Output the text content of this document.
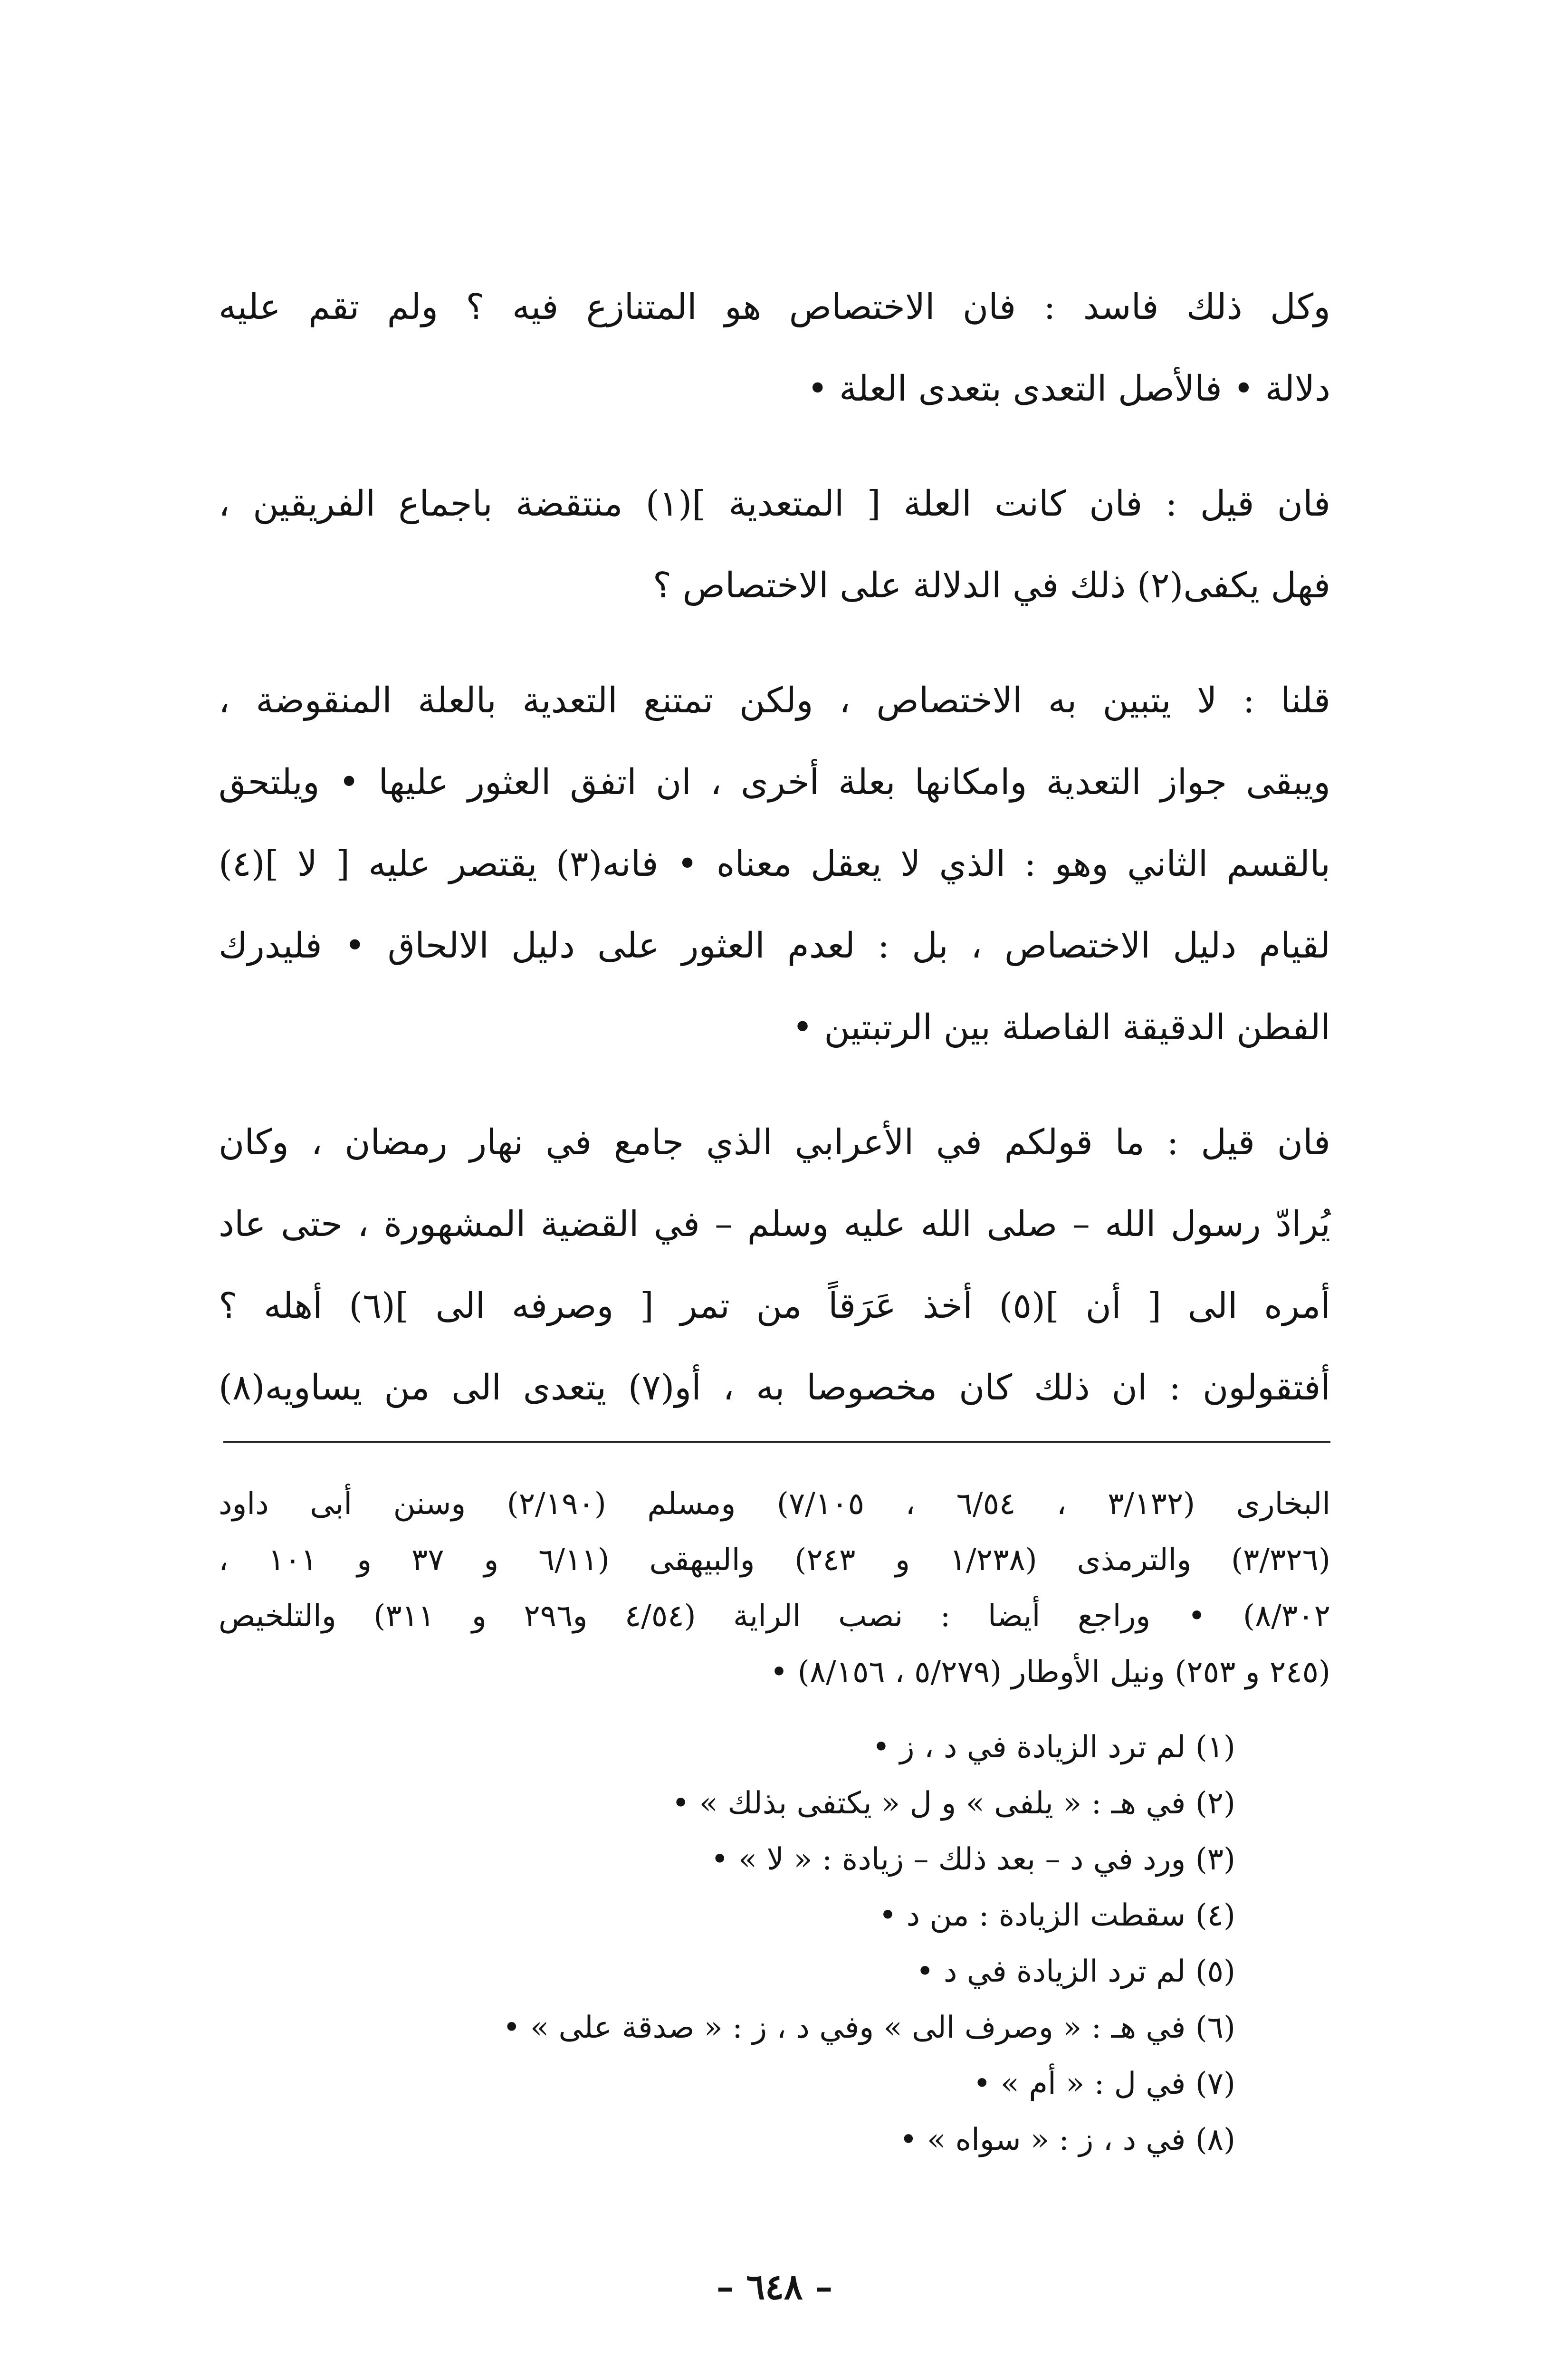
وكل ذلك فاسد : فان الاختصاص هو المتنازع فيه ؟ ولم تقم عليه
دلالة • فالأصل التعدى بتعدى العلة •
فان قيل : فان كانت العلة [ المتعدية ](١) منتقضة باجماع الفريقين ،
فهل يكفى(٢) ذلك في الدلالة على الاختصاص ؟
قلنا : لا يتبين به الاختصاص ، ولكن تمتنع التعدية بالعلة المنقوضة ،
ويبقى جواز التعدية وامكانها بعلة أخرى ، ان اتفق العثور عليها • ويلتحق
بالقسم الثاني وهو : الذي لا يعقل معناه • فانه(٣) يقتصر عليه [ لا ](٤)
لقيام دليل الاختصاص ، بل : لعدم العثور على دليل الالحاق • فليدرك
الفطن الدقيقة الفاصلة بين الرتبتين •
فان قيل : ما قولكم في الأعرابي الذي جامع في نهار رمضان ، وكان
يُرادّ رسول الله – صلى الله عليه وسلم – في القضية المشهورة ، حتى عاد
أمره الى [ أن ](٥) أخذ عَرَقاً من تمر [ وصرفه الى ](٦) أهله ؟
أفتقولون : ان ذلك كان مخصوصا به ، أو(٧) يتعدى الى من يساويه(٨)
البخارى (٣/١٣٢ ، ٦/٥٤ ، ٧/١٠٥) ومسلم (٢/١٩٠) وسنن أبى داود
(٣/٣٢٦) والترمذى (١/٢٣٨ و ٢٤٣) والبيهقى (٦/١١ و ٣٧ و ١٠١ ،
٨/٣٠٢) • وراجع أيضا : نصب الراية (٤/٥٤ و٢٩٦ و ٣١١) والتلخيص
(٢٤٥ و ٢٥٣) ونيل الأوطار (٥/٢٧٩ ، ٨/١٥٦) •
(١) لم ترد الزيادة في د ، ز •
(٢) في هـ : « يلفى » و ل « يكتفى بذلك » •
(٣) ورد في د – بعد ذلك – زيادة : « لا » •
(٤) سقطت الزيادة : من د •
(٥) لم ترد الزيادة في د •
(٦) في هـ : « وصرف الى » وفي د ، ز : « صدقة على » •
(٧) في ل : « أم » •
(٨) في د ، ز : « سواه » •
– ٦٤٨ –
